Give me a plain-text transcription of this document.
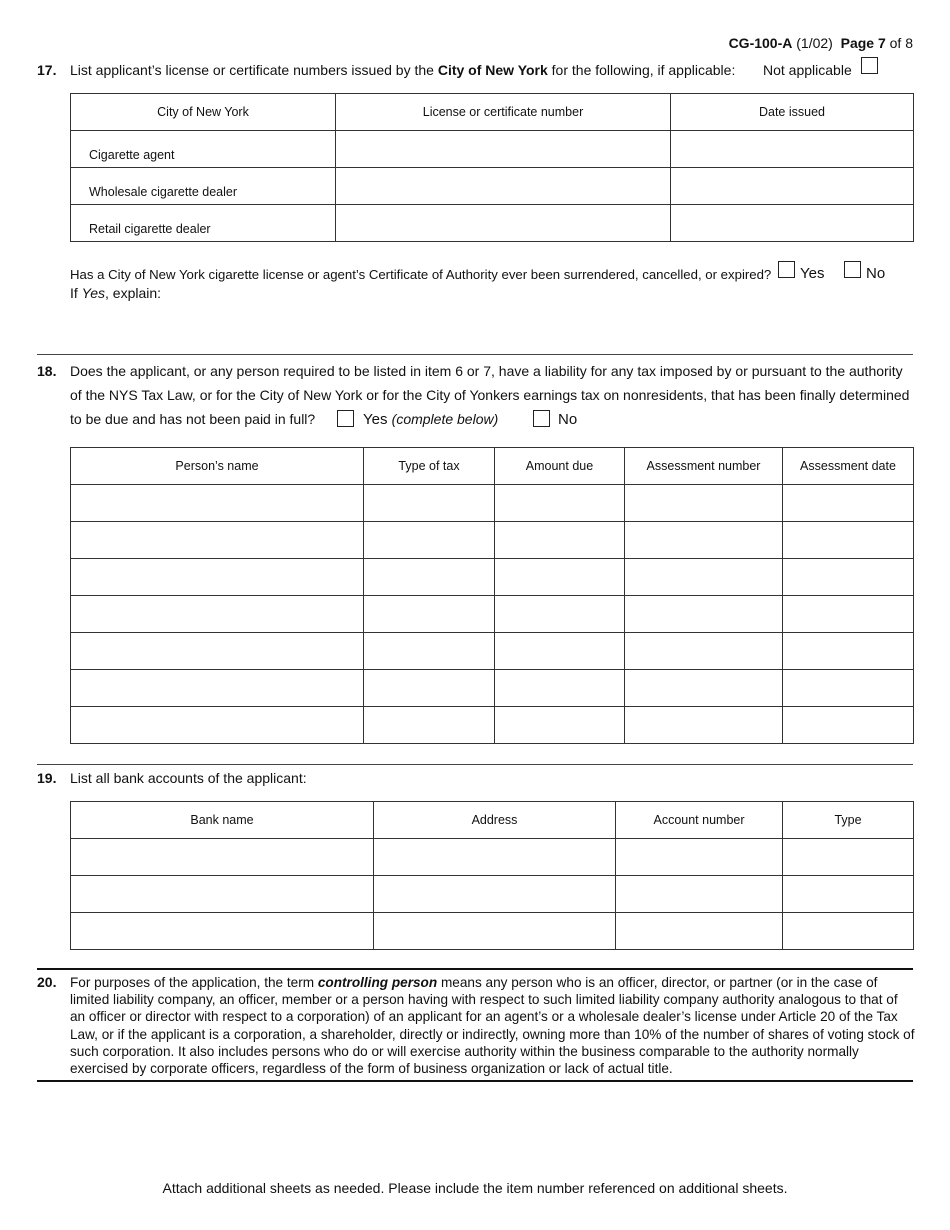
CG-100-A (1/02) Page 7 of 8
17. List applicant’s license or certificate numbers issued by the City of New York for the following, if applicable: Not applicable
City of New York	License or certificate number	Date issued
Cigarette agent		
Wholesale cigarette dealer		
Retail cigarette dealer		
Has a City of New York cigarette license or agent’s Certificate of Authority ever been surrendered, cancelled, or expired? Yes	No
If Yes, explain:
18. Does the applicant, or any person required to be listed in item 6 or 7, have a liability for any tax imposed by or pursuant to the authority
of the NYS Tax Law, or for the City of New York or for the City of Yonkers earnings tax on nonresidents, that has been finally determined
to be due and has not been paid in full?	Yes (complete below)	No
Person’s name	Type of tax	Amount due	Assessment number	Assessment date

19. List all bank accounts of the applicant:
Bank name	Address	Account number	Type

20. For purposes of the application, the term controlling person means any person who is an officer, director, or partner (or in the case of limited liability company, an officer, member or a person having with respect to such limited liability company authority analogous to that of an officer or director with respect to a corporation) of an applicant for an agent’s or a wholesale dealer’s license under Article 20 of the Tax Law, or if the applicant is a corporation, a shareholder, directly or indirectly, owning more than 10% of the number of shares of voting stock of such corporation. It also includes persons who do or will exercise authority within the business comparable to the authority normally exercised by corporate officers, regardless of the form of business organization or lack of actual title.
Attach additional sheets as needed. Please include the item number referenced on additional sheets.
